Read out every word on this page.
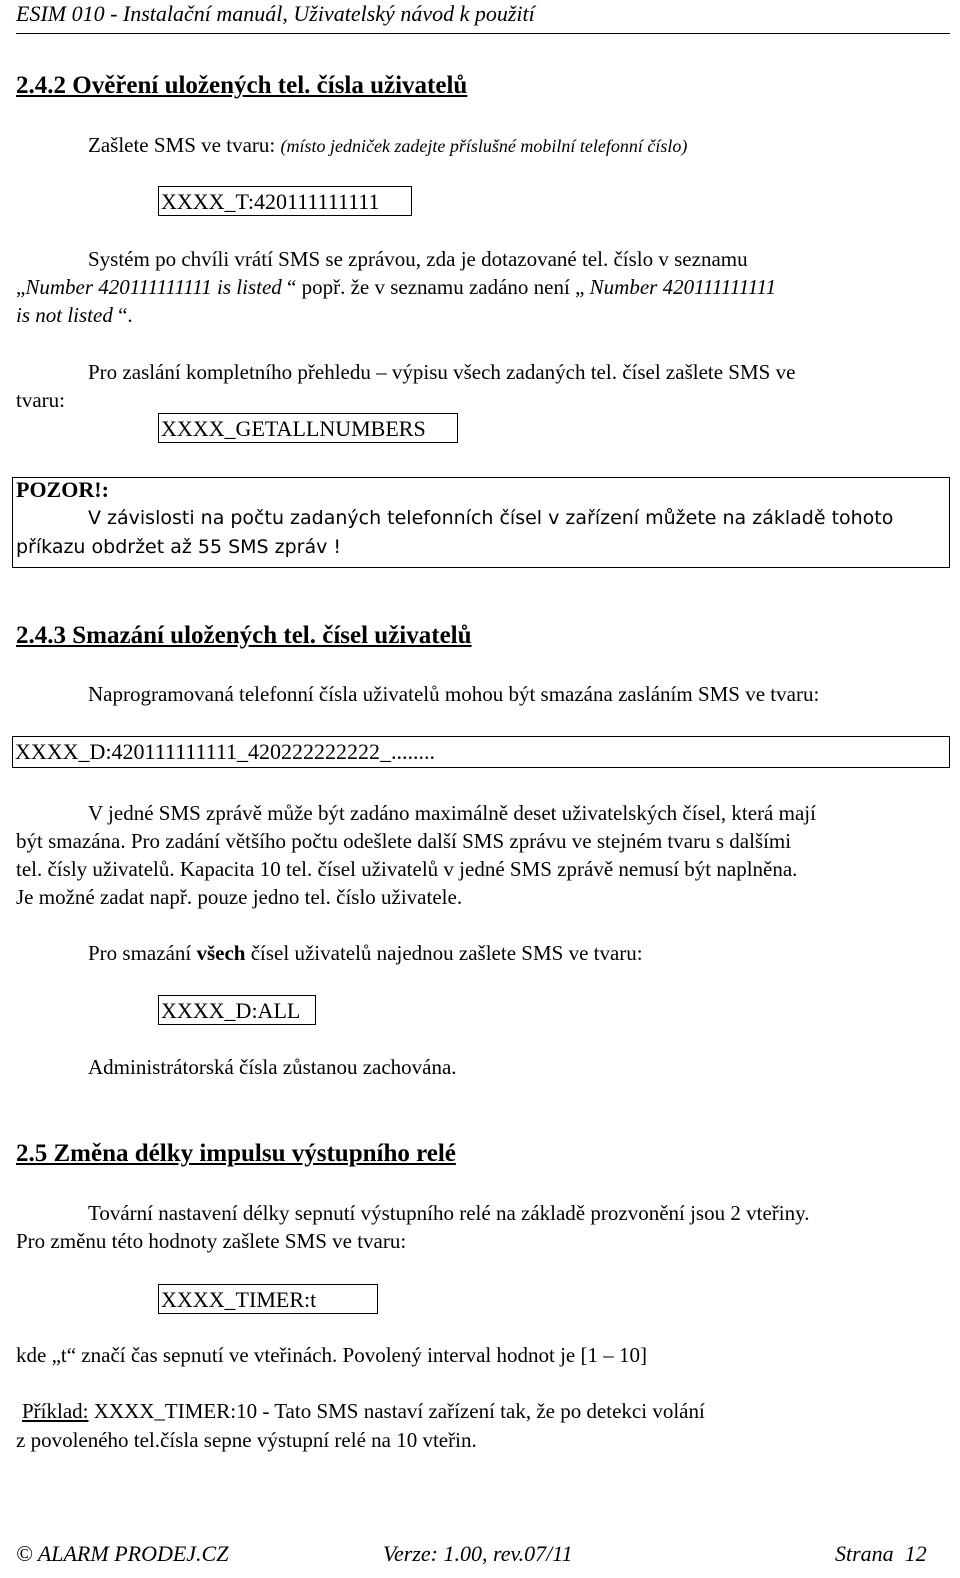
ESIM 010 - Instalační manuál, Uživatelský návod k použití
2.4.2 Ověření uložených tel. čísla uživatelů
Zašlete SMS ve tvaru: (místo jedniček zadejte příslušné mobilní telefonní číslo)
XXXX_T:420111111111
Systém po chvíli vrátí SMS se zprávou, zda je dotazované tel. číslo v seznamu
„Number 420111111111 is listed “ popř. že v seznamu zadáno není „ Number 420111111111
is not listed “.
Pro zaslání kompletního přehledu – výpisu všech zadaných tel. čísel zašlete SMS ve
tvaru:
XXXX_GETALLNUMBERS
POZOR!:
V závislosti na počtu zadaných telefonních čísel v zařízení můžete na základě tohoto
příkazu obdržet až 55 SMS zpráv !
2.4.3 Smazání uložených tel. čísel uživatelů
Naprogramovaná telefonní čísla uživatelů mohou být smazána zasláním SMS ve tvaru:
XXXX_D:420111111111_420222222222_........
V jedné SMS zprávě může být zadáno maximálně deset uživatelských čísel, která mají
být smazána. Pro zadání většího počtu odešlete další SMS zprávu ve stejném tvaru s dalšími
tel. čísly uživatelů. Kapacita 10 tel. čísel uživatelů v jedné SMS zprávě nemusí být naplněna.
Je možné zadat např. pouze jedno tel. číslo uživatele.
Pro smazání všech čísel uživatelů najednou zašlete SMS ve tvaru:
XXXX_D:ALL
Administrátorská čísla zůstanou zachována.
2.5 Změna délky impulsu výstupního relé
Tovární nastavení délky sepnutí výstupního relé na základě prozvonění jsou 2 vteřiny.
Pro změnu této hodnoty zašlete SMS ve tvaru:
XXXX_TIMER:t
kde „t“ značí čas sepnutí ve vteřinách. Povolený interval hodnot je [1 – 10]
Příklad: XXXX_TIMER:10 - Tato SMS nastaví zařízení tak, že po detekci volání
z povoleného tel.čísla sepne výstupní relé na 10 vteřin.
© ALARM PRODEJ.CZ	Verze: 1.00, rev.07/11	Strana 12
